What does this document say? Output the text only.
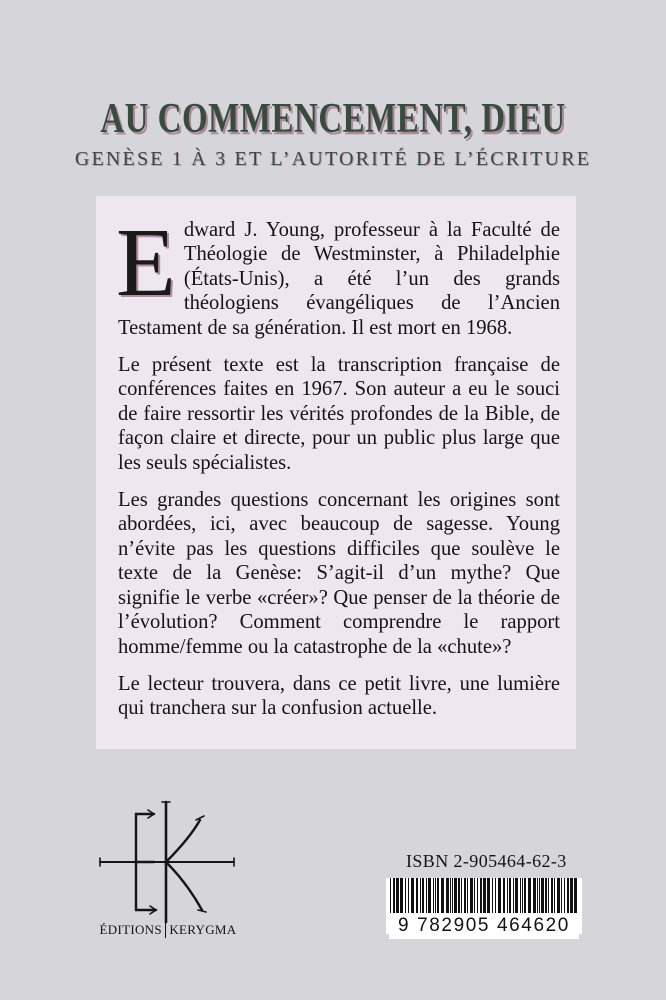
AU COMMENCEMENT, DIEU
GENÈSE 1 À 3 ET L’AUTORITÉ DE L’ÉCRITURE

Edward J. Young, professeur à la Faculté de Théologie de Westminster, à Philadelphie (États-Unis), a été l’un des grands théologiens évangéliques de l’Ancien Testament de sa génération. Il est mort en 1968.

Le présent texte est la transcription française de conférences faites en 1967. Son auteur a eu le souci de faire ressortir les vérités profondes de la Bible, de façon claire et directe, pour un public plus large que les seuls spécialistes.

Les grandes questions concernant les origines sont abordées, ici, avec beaucoup de sagesse. Young n’évite pas les questions difficiles que soulève le texte de la Genèse: S’agit-il d’un mythe? Que signifie le verbe «créer»? Que penser de la théorie de l’évolution? Comment comprendre le rapport homme/femme ou la catastrophe de la «chute»?

Le lecteur trouvera, dans ce petit livre, une lumière qui tranchera sur la confusion actuelle.

ÉDITIONS KERYGMA
ISBN 2-905464-62-3
9 782905 464620
